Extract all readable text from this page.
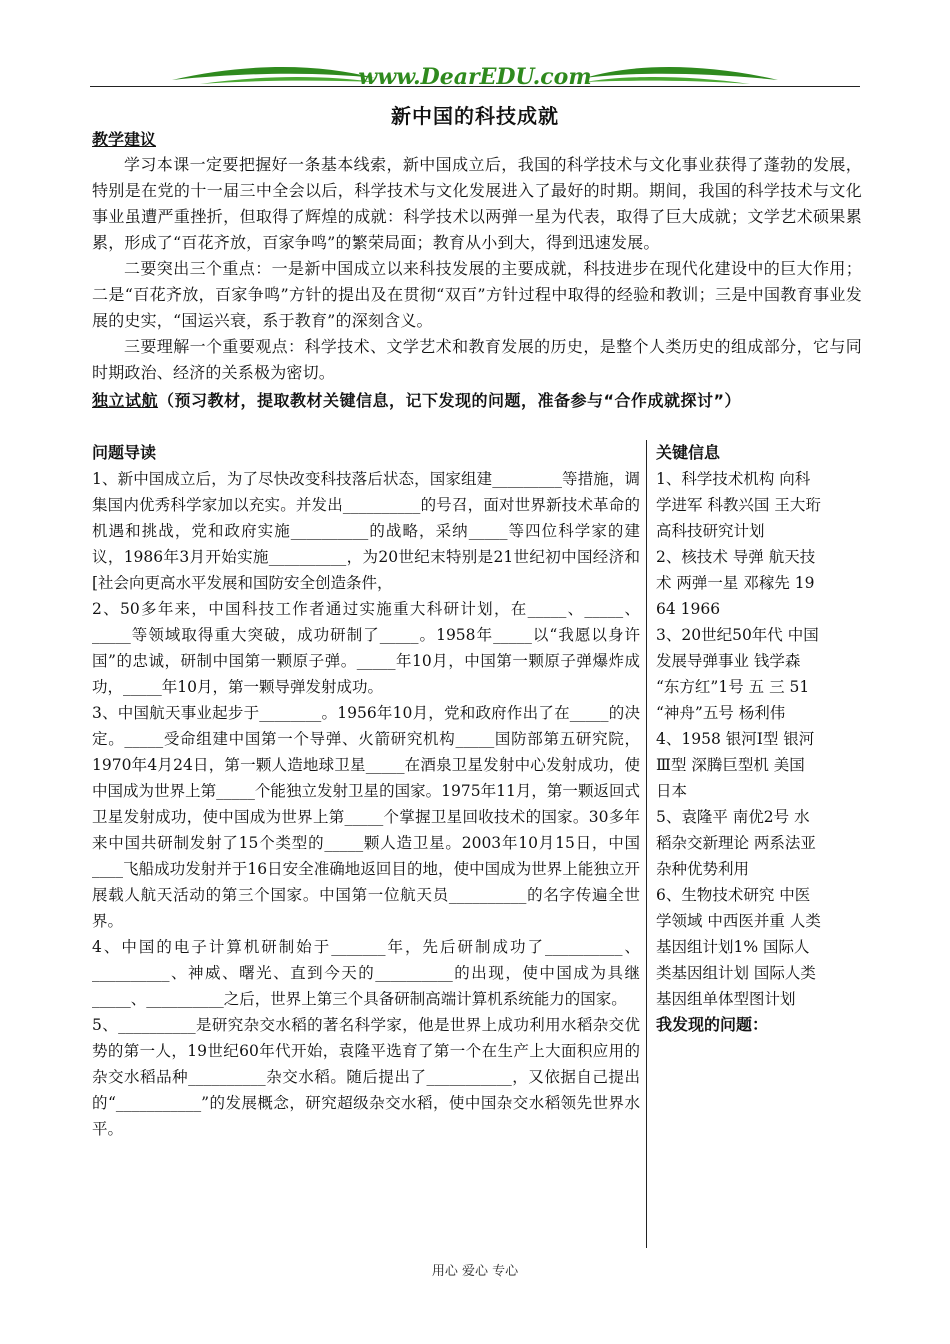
www.DearEDU.com
新中国的科技成就
教学建议

学习本课一定要把握好一条基本线索，新中国成立后，我国的科学技术与文化事业获得了蓬勃的发展，特别是在党的十一届三中全会以后，科学技术与文化发展进入了最好的时期。期间，我国的科学技术与文化事业虽遭严重挫折，但取得了辉煌的成就：科学技术以两弹一星为代表，取得了巨大成就；文学艺术硕果累累，形成了“百花齐放，百家争鸣”的繁荣局面；教育从小到大，得到迅速发展。

二要突出三个重点：一是新中国成立以来科技发展的主要成就，科技进步在现代化建设中的巨大作用；二是“百花齐放，百家争鸣”方针的提出及在贯彻“双百”方针过程中取得的经验和教训；三是中国教育事业发展的史实，“国运兴衰，系于教育”的深刻含义。

三要理解一个重要观点：科学技术、文学艺术和教育发展的历史，是整个人类历史的组成部分，它与同时期政治、经济的关系极为密切。

独立试航（预习教材，提取教材关键信息，记下发现的问题，准备参与“合作成就探讨”）
问题导读

1、新中国成立后，为了尽快改变科技落后状态，国家组建_________等措施，调集国内优秀科学家加以充实。并发出__________的号召，面对世界新技术革命的机遇和挑战，党和政府实施__________的战略，采纳_____等四位科学家的建议，1986年3月开始实施__________，为20世纪末特别是21世纪初中国经济和[社会向更高水平发展和国防安全创造条件，

2、50多年来，中国科技工作者通过实施重大科研计划，在_____、_____、_____等领域取得重大突破，成功研制了_____。1958年_____以“我愿以身许国”的忠诚，研制中国第一颗原子弹。_____年10月，中国第一颗原子弹爆炸成功，_____年10月，第一颗导弹发射成功。

3、中国航天事业起步于________。1956年10月，党和政府作出了在_____的决定。_____受命组建中国第一个导弹、火箭研究机构_____国防部第五研究院，1970年4月24日，第一颗人造地球卫星_____在酒泉卫星发射中心发射成功，使中国成为世界上第_____个能独立发射卫星的国家。1975年11月，第一颗返回式卫星发射成功，使中国成为世界上第_____个掌握卫星回收技术的国家。30多年来中国共研制发射了15个类型的_____颗人造卫星。2003年10月15日，中国____飞船成功发射并于16日安全准确地返回目的地，使中国成为世界上能独立开展载人航天活动的第三个国家。中国第一位航天员__________的名字传遍全世界。

4、中国的电子计算机研制始于_______年，先后研制成功了__________、__________、神威、曙光、直到今天的__________的出现，使中国成为具继_____、__________之后，世界上第三个具备研制高端计算机系统能力的国家。

5、__________是研究杂交水稻的著名科学家，他是世界上成功利用水稻杂交优势的第一人，19世纪60年代开始，袁隆平选育了第一个在生产上大面积应用的杂交水稻品种__________杂交水稻。随后提出了___________，又依据自己提出的“___________”的发展概念，研究超级杂交水稻，使中国杂交水稻领先世界水平。

关键信息

1、科学技术机构 向科学进军 科教兴国 王大珩 高科技研究计划

2、核技术 导弹 航天技术 两弹一星 邓稼先 1964 1966

3、20世纪50年代 中国发展导弹事业 钱学森 “东方红”1号 五 三 51 “神舟”五号 杨利伟

4、1958 银河Ⅰ型 银河Ⅲ型 深腾巨型机 美国 日本

5、袁隆平 南优2号 水稻杂交新理论 两系法亚杂种优势利用

6、生物技术研究 中医学领域 中西医并重 人类基因组计划1% 国际人类基因组计划 国际人类基因组单体型图计划

我发现的问题：
用心 爱心 专心
